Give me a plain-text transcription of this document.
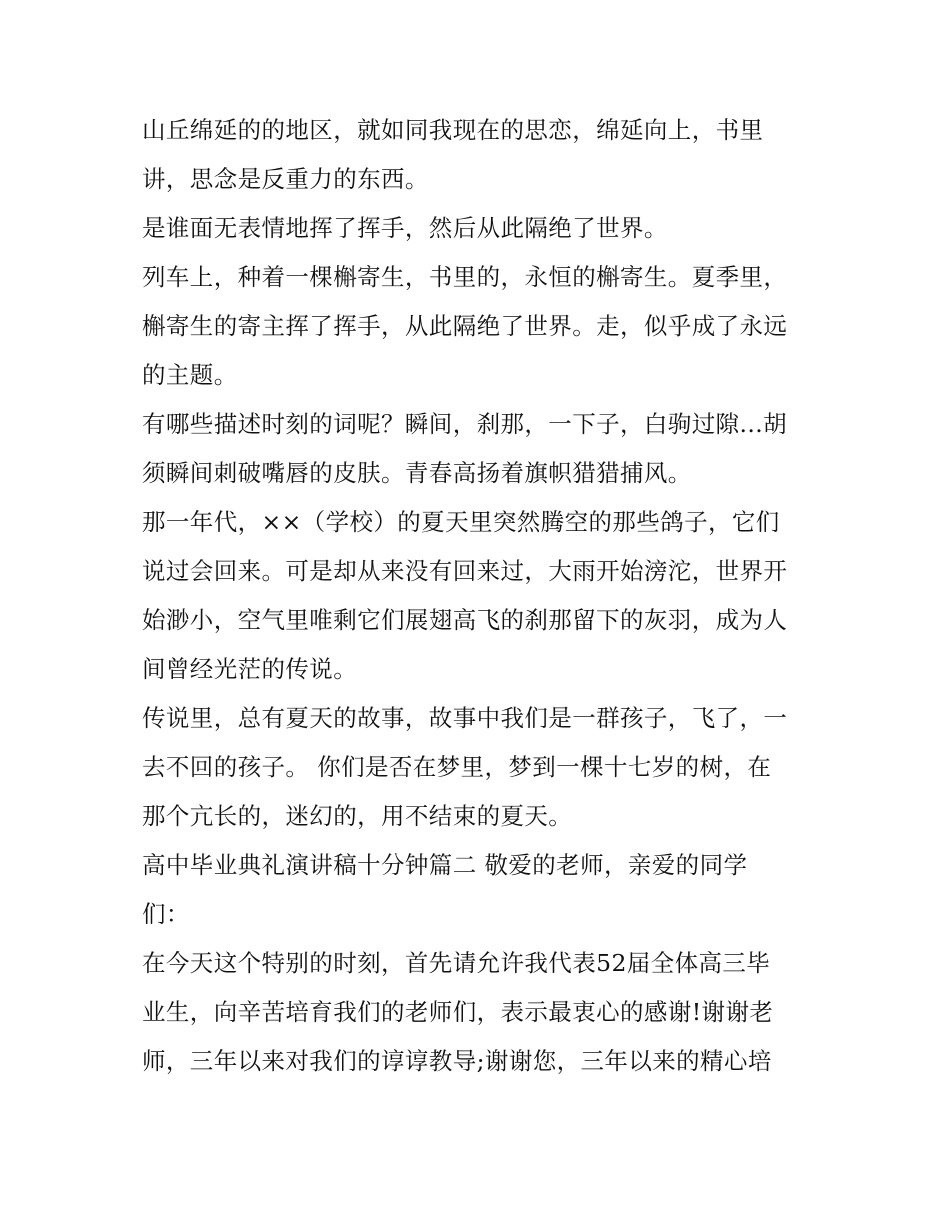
山丘绵延的的地区，就如同我现在的思恋，绵延向上，书里
讲，思念是反重力的东西。
是谁面无表情地挥了挥手，然后从此隔绝了世界。
列车上，种着一棵槲寄生，书里的，永恒的槲寄生。夏季里，
槲寄生的寄主挥了挥手，从此隔绝了世界。走，似乎成了永远
的主题。
有哪些描述时刻的词呢？瞬间，刹那，一下子，白驹过隙...胡
须瞬间刺破嘴唇的皮肤。青春高扬着旗帜猎猎捕风。
那一年代，××（学校）的夏天里突然腾空的那些鸽子，它们
说过会回来。可是却从来没有回来过，大雨开始滂沱，世界开
始渺小，空气里唯剩它们展翅高飞的刹那留下的灰羽，成为人
间曾经光茫的传说。
传说里，总有夏天的故事，故事中我们是一群孩子，飞了，一
去不回的孩子。 你们是否在梦里，梦到一棵十七岁的树，在
那个亢长的，迷幻的，用不结束的夏天。
高中毕业典礼演讲稿十分钟篇二 敬爱的老师，亲爱的同学
们：
在今天这个特别的时刻，首先请允许我代表52届全体高三毕
业生，向辛苦培育我们的老师们，表示最衷心的感谢!谢谢老
师，三年以来对我们的谆谆教导;谢谢您，三年以来的精心培
